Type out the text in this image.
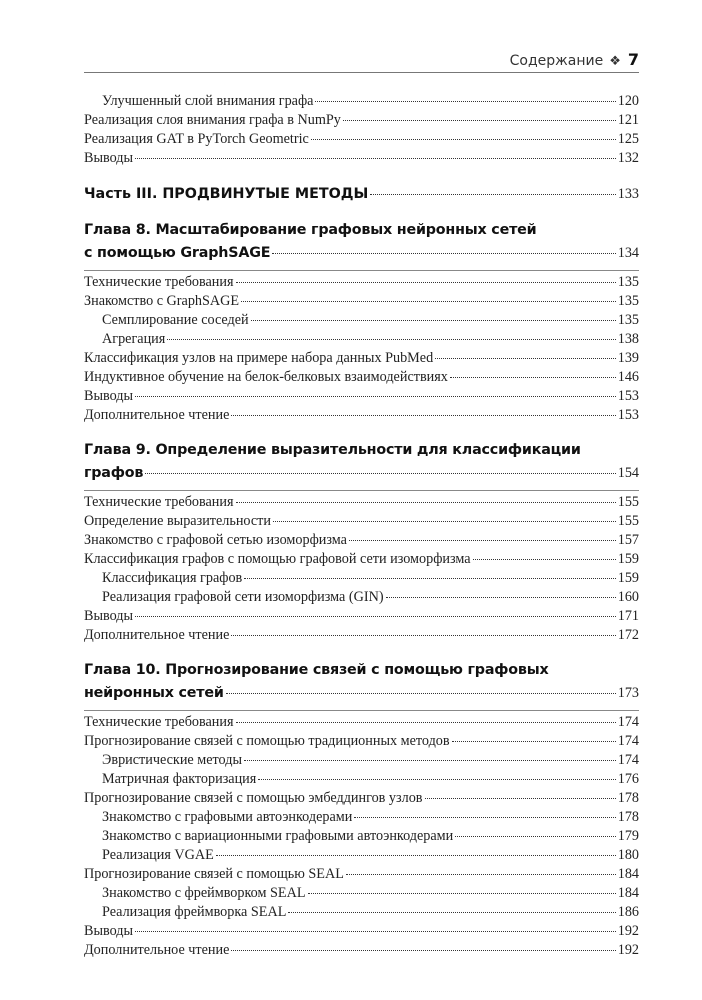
Содержание ❖ 7
Улучшенный слой внимания графа	120
Реализация слоя внимания графа в NumPy	121
Реализация GAT в PyTorch Geometric	125
Выводы	132
Часть III. ПРОДВИНУТЫЕ МЕТОДЫ	133
Глава 8. Масштабирование графовых нейронных сетей
с помощью GraphSAGE	134
Технические требования	135
Знакомство с GraphSAGE	135
Семплирование соседей	135
Агрегация	138
Классификация узлов на примере набора данных PubMed	139
Индуктивное обучение на белок-белковых взаимодействиях	146
Выводы	153
Дополнительное чтение	153
Глава 9. Определение выразительности для классификации
графов	154
Технические требования	155
Определение выразительности	155
Знакомство с графовой сетью изоморфизма	157
Классификация графов с помощью графовой сети изоморфизма	159
Классификация графов	159
Реализация графовой сети изоморфизма (GIN)	160
Выводы	171
Дополнительное чтение	172
Глава 10. Прогнозирование связей с помощью графовых
нейронных сетей	173
Технические требования	174
Прогнозирование связей с помощью традиционных методов	174
Эвристические методы	174
Матричная факторизация	176
Прогнозирование связей с помощью эмбеддингов узлов	178
Знакомство с графовыми автоэнкодерами	178
Знакомство с вариационными графовыми автоэнкодерами	179
Реализация VGAE	180
Прогнозирование связей с помощью SEAL	184
Знакомство с фреймворком SEAL	184
Реализация фреймворка SEAL	186
Выводы	192
Дополнительное чтение	192
